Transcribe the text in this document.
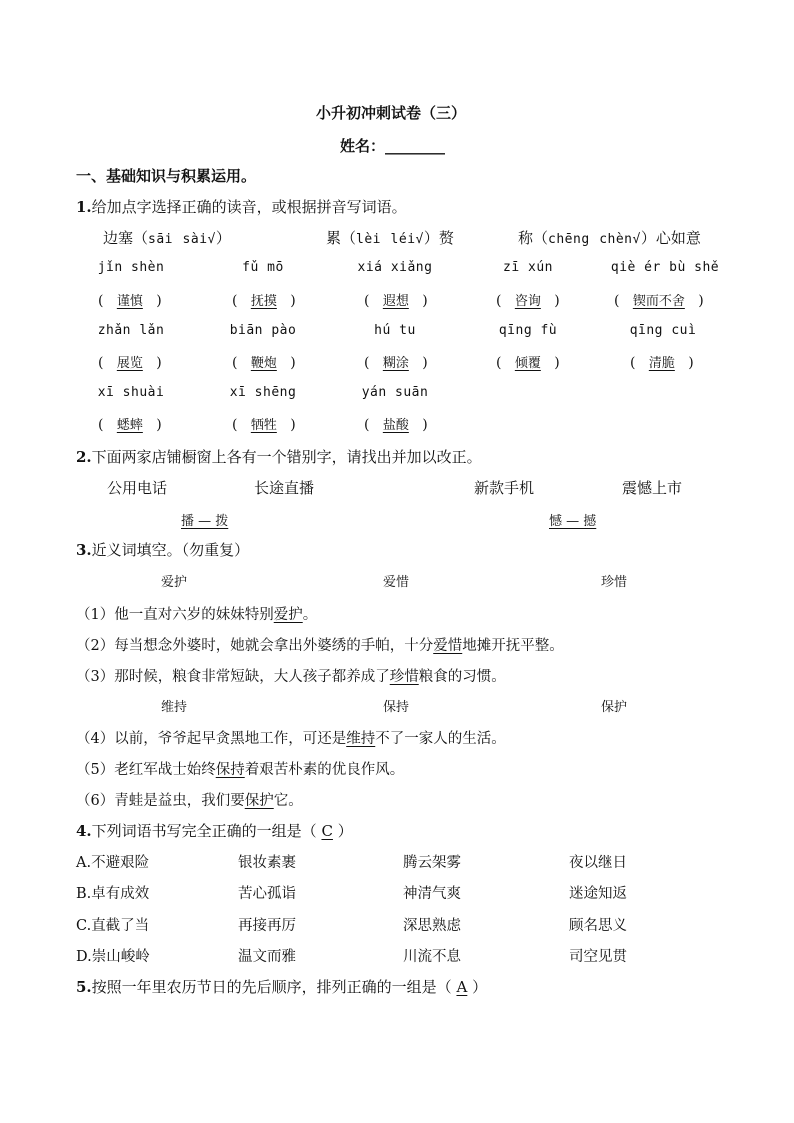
小升初冲刺试卷（三）
姓名：________
一、基础知识与积累运用。
1.给加点字选择正确的读音，或根据拼音写词语。
边塞（sāi sài√）	累（lèi léi√）赘	称（chēng chèn√）心如意
jǐn shèn	fǔ mō	xiá xiǎng	zī xún	qiè ér bù shě
( 谨慎 )	( 抚摸 )	( 遐想 )	( 咨询 )	( 锲而不舍 )
zhǎn lǎn	biān pào	hú tu	qīng fù	qīng cuì
( 展览 )	( 鞭炮 )	( 糊涂 )	( 倾覆 )	( 清脆 )
xī shuài	xī shēng	yán suān
( 蟋蟀 )	( 牺牲 )	( 盐酸 )
2.下面两家店铺橱窗上各有一个错别字，请找出并加以改正。
公用电话	长途直播	新款手机	震憾上市
播 — 拨	憾 — 撼
3.近义词填空。（勿重复）
爱护	爱惜	珍惜
（1）他一直对六岁的妹妹特别爱护。
（2）每当想念外婆时，她就会拿出外婆绣的手帕，十分爱惜地摊开抚平整。
（3）那时候，粮食非常短缺，大人孩子都养成了珍惜粮食的习惯。
维持	保持	保护
（4）以前，爷爷起早贪黑地工作，可还是维持不了一家人的生活。
（5）老红军战士始终保持着艰苦朴素的优良作风。
（6）青蛙是益虫，我们要保护它。
4.下列词语书写完全正确的一组是（ C ）
A.不避艰险	银妆素裹	腾云架雾	夜以继日
B.卓有成效	苦心孤诣	神清气爽	迷途知返
C.直截了当	再接再厉	深思熟虑	顾名思义
D.崇山峻岭	温文而雅	川流不息	司空见贯
5.按照一年里农历节日的先后顺序，排列正确的一组是（ A ）
